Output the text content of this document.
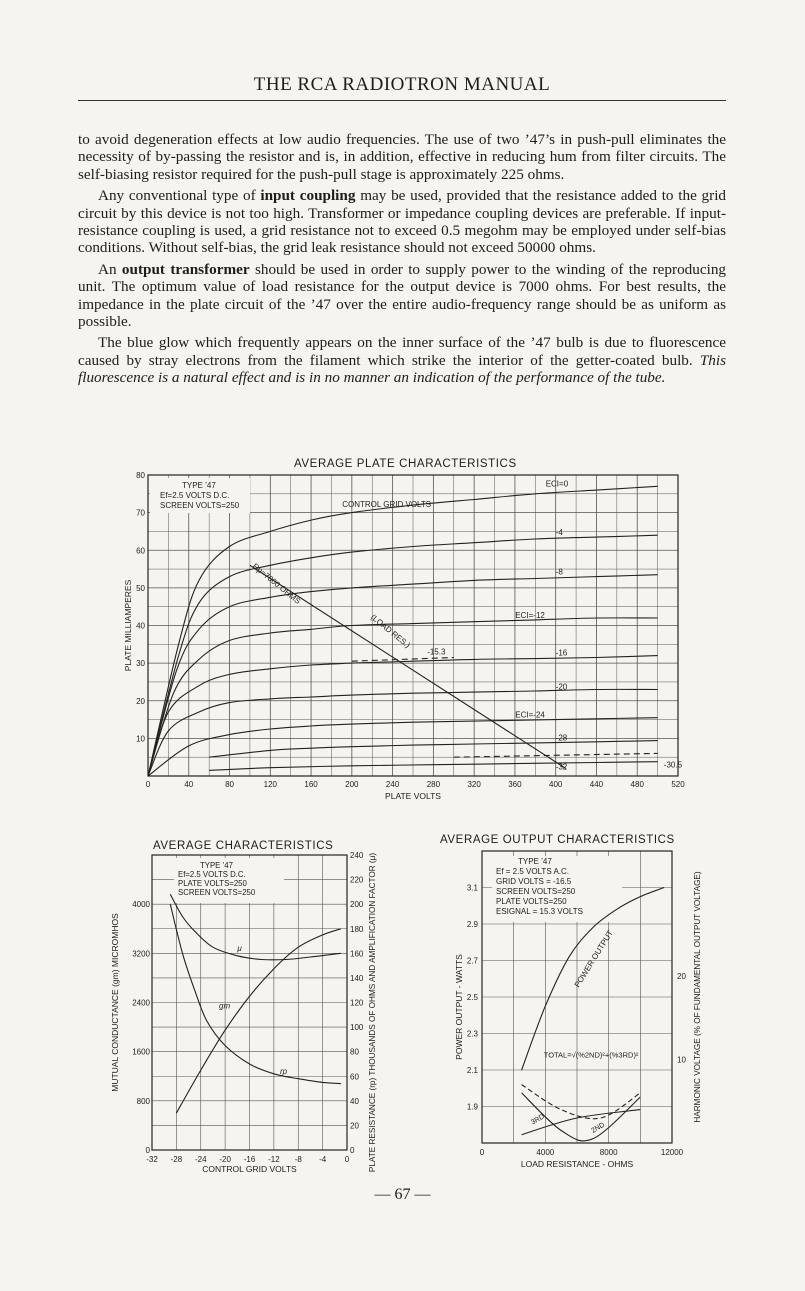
THE RCA RADIOTRON MANUAL

to avoid degeneration effects at low audio frequencies. The use of two ’47’s in push-pull eliminates the necessity of by-passing the resistor and is, in addition, effective in reducing hum from filter circuits. The self-biasing resistor required for the push-pull stage is approximately 225 ohms.

Any conventional type of input coupling may be used, provided that the resistance added to the grid circuit by this device is not too high. Transformer or impedance coupling devices are preferable. If input-resistance coupling is used, a grid resistance not to exceed 0.5 megohm may be employed under self-bias conditions. Without self-bias, the grid leak resistance should not exceed 50000 ohms.

An output transformer should be used in order to supply power to the winding of the reproducing unit. The optimum value of load resistance for the output device is 7000 ohms. For best results, the impedance in the plate circuit of the ’47 over the entire audio-frequency range should be as uniform as possible.

The blue glow which frequently appears on the inner surface of the ’47 bulb is due to fluorescence caused by stray electrons from the filament which strike the interior of the getter-coated bulb. This fluorescence is a natural effect and is in no manner an indication of the performance of the tube.

AVERAGE PLATE CHARACTERISTICS
0	40	80	120	160	200	240	280	320	360	400	440	480	520
10
20
30
40
50
60
70
80
PLATE VOLTS
PLATE MILLIAMPERES
TYPE ’47
Ef=2.5 VOLTS D.C.
SCREEN VOLTS=250	CONTROL GRID VOLTS
ECI=0
-4
-8
ECI=-12
-16
-20
ECI=-24
-28
-32
-15.3
-30.5
Rp=7000 OHMS
(LOAD RES.)
AVERAGE CHARACTERISTICS
-32 -28 -24 -20 -16 -12 -8 -4 0
0
800
1600
2400
3200
4000
0
20
40
60
80
100
120
140
160
180
200
220
240
CONTROL GRID VOLTS
MUTUAL CONDUCTANCE (gm) MICROMHOS	PLATE RESISTANCE (rp) THOUSANDS OF OHMS AND AMPLIFICATION FACTOR (μ)
TYPE ’47
Ef=2.5 VOLTS D.C.
PLATE VOLTS=250
SCREEN VOLTS=250
μ
gm
rp
AVERAGE OUTPUT CHARACTERISTICS
0	4000	8000	12000
1.9
2.1
2.3
2.5
2.7
2.9
3.1
10
20
LOAD RESISTANCE - OHMS
POWER OUTPUT - WATTS	HARMONIC VOLTAGE (% OF FUNDAMENTAL OUTPUT VOLTAGE)
TYPE ’47
Ef = 2.5 VOLTS A.C.
GRID VOLTS = -16.5
SCREEN VOLTS=250
PLATE VOLTS=250
ESIGNAL = 15.3 VOLTS
POWER OUTPUT
TOTAL=√(%2ND)²+(%3RD)²
3RD
2ND
— 67 —
